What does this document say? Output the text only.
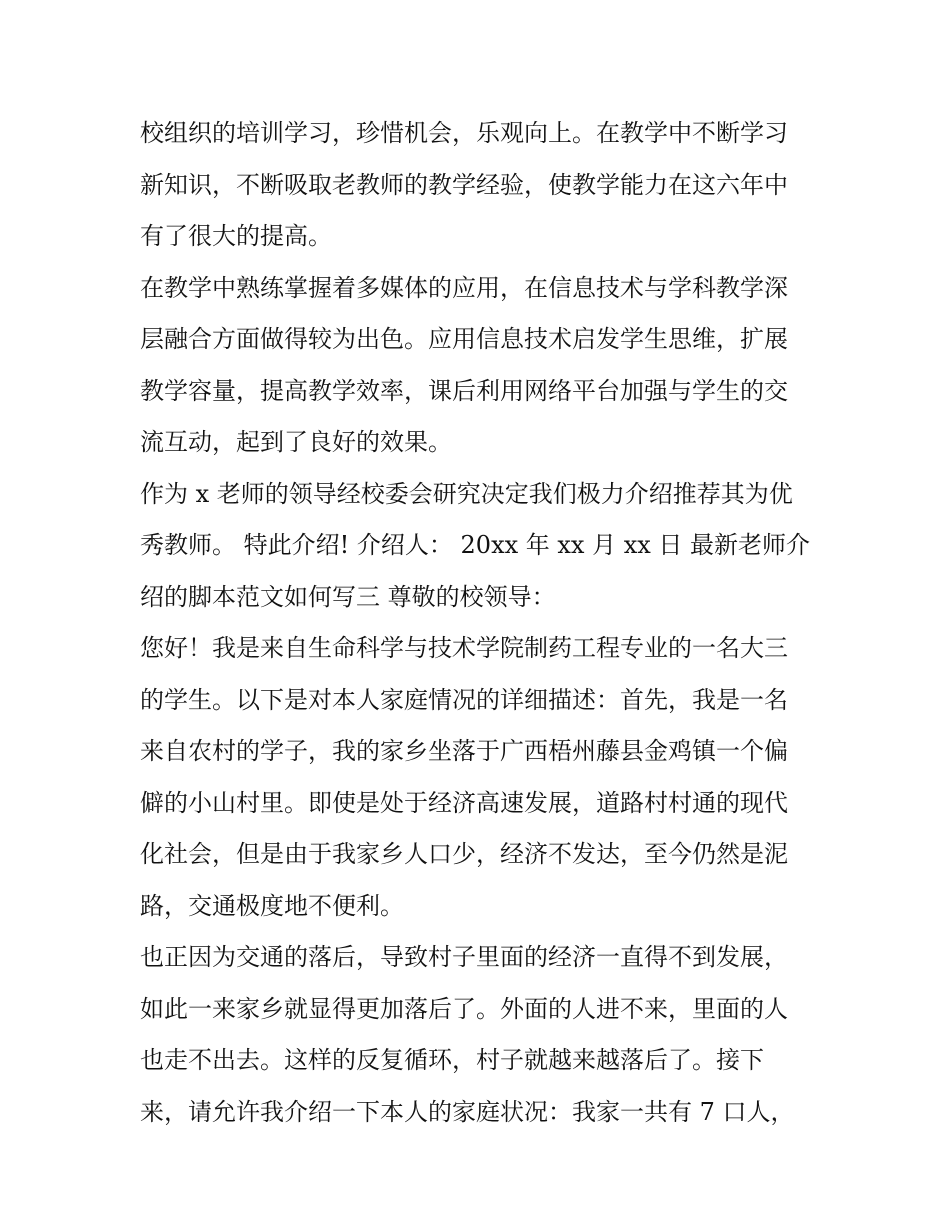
校组织的培训学习，珍惜机会，乐观向上。在教学中不断学习
新知识，不断吸取老教师的教学经验，使教学能力在这六年中
有了很大的提高。

在教学中熟练掌握着多媒体的应用，在信息技术与学科教学深
层融合方面做得较为出色。应用信息技术启发学生思维，扩展
教学容量，提高教学效率，课后利用网络平台加强与学生的交
流互动，起到了良好的效果。

作为 x 老师的领导经校委会研究决定我们极力介绍推荐其为优
秀教师。 特此介绍! 介绍人： 20xx 年 xx 月 xx 日 最新老师介
绍的脚本范文如何写三 尊敬的校领导：

您好！我是来自生命科学与技术学院制药工程专业的一名大三
的学生。以下是对本人家庭情况的详细描述：首先，我是一名
来自农村的学子，我的家乡坐落于广西梧州藤县金鸡镇一个偏
僻的小山村里。即使是处于经济高速发展，道路村村通的现代
化社会，但是由于我家乡人口少，经济不发达，至今仍然是泥
路，交通极度地不便利。

也正因为交通的落后，导致村子里面的经济一直得不到发展，
如此一来家乡就显得更加落后了。外面的人进不来，里面的人
也走不出去。这样的反复循环，村子就越来越落后了。接下
来，请允许我介绍一下本人的家庭状况：我家一共有 7 口人，
